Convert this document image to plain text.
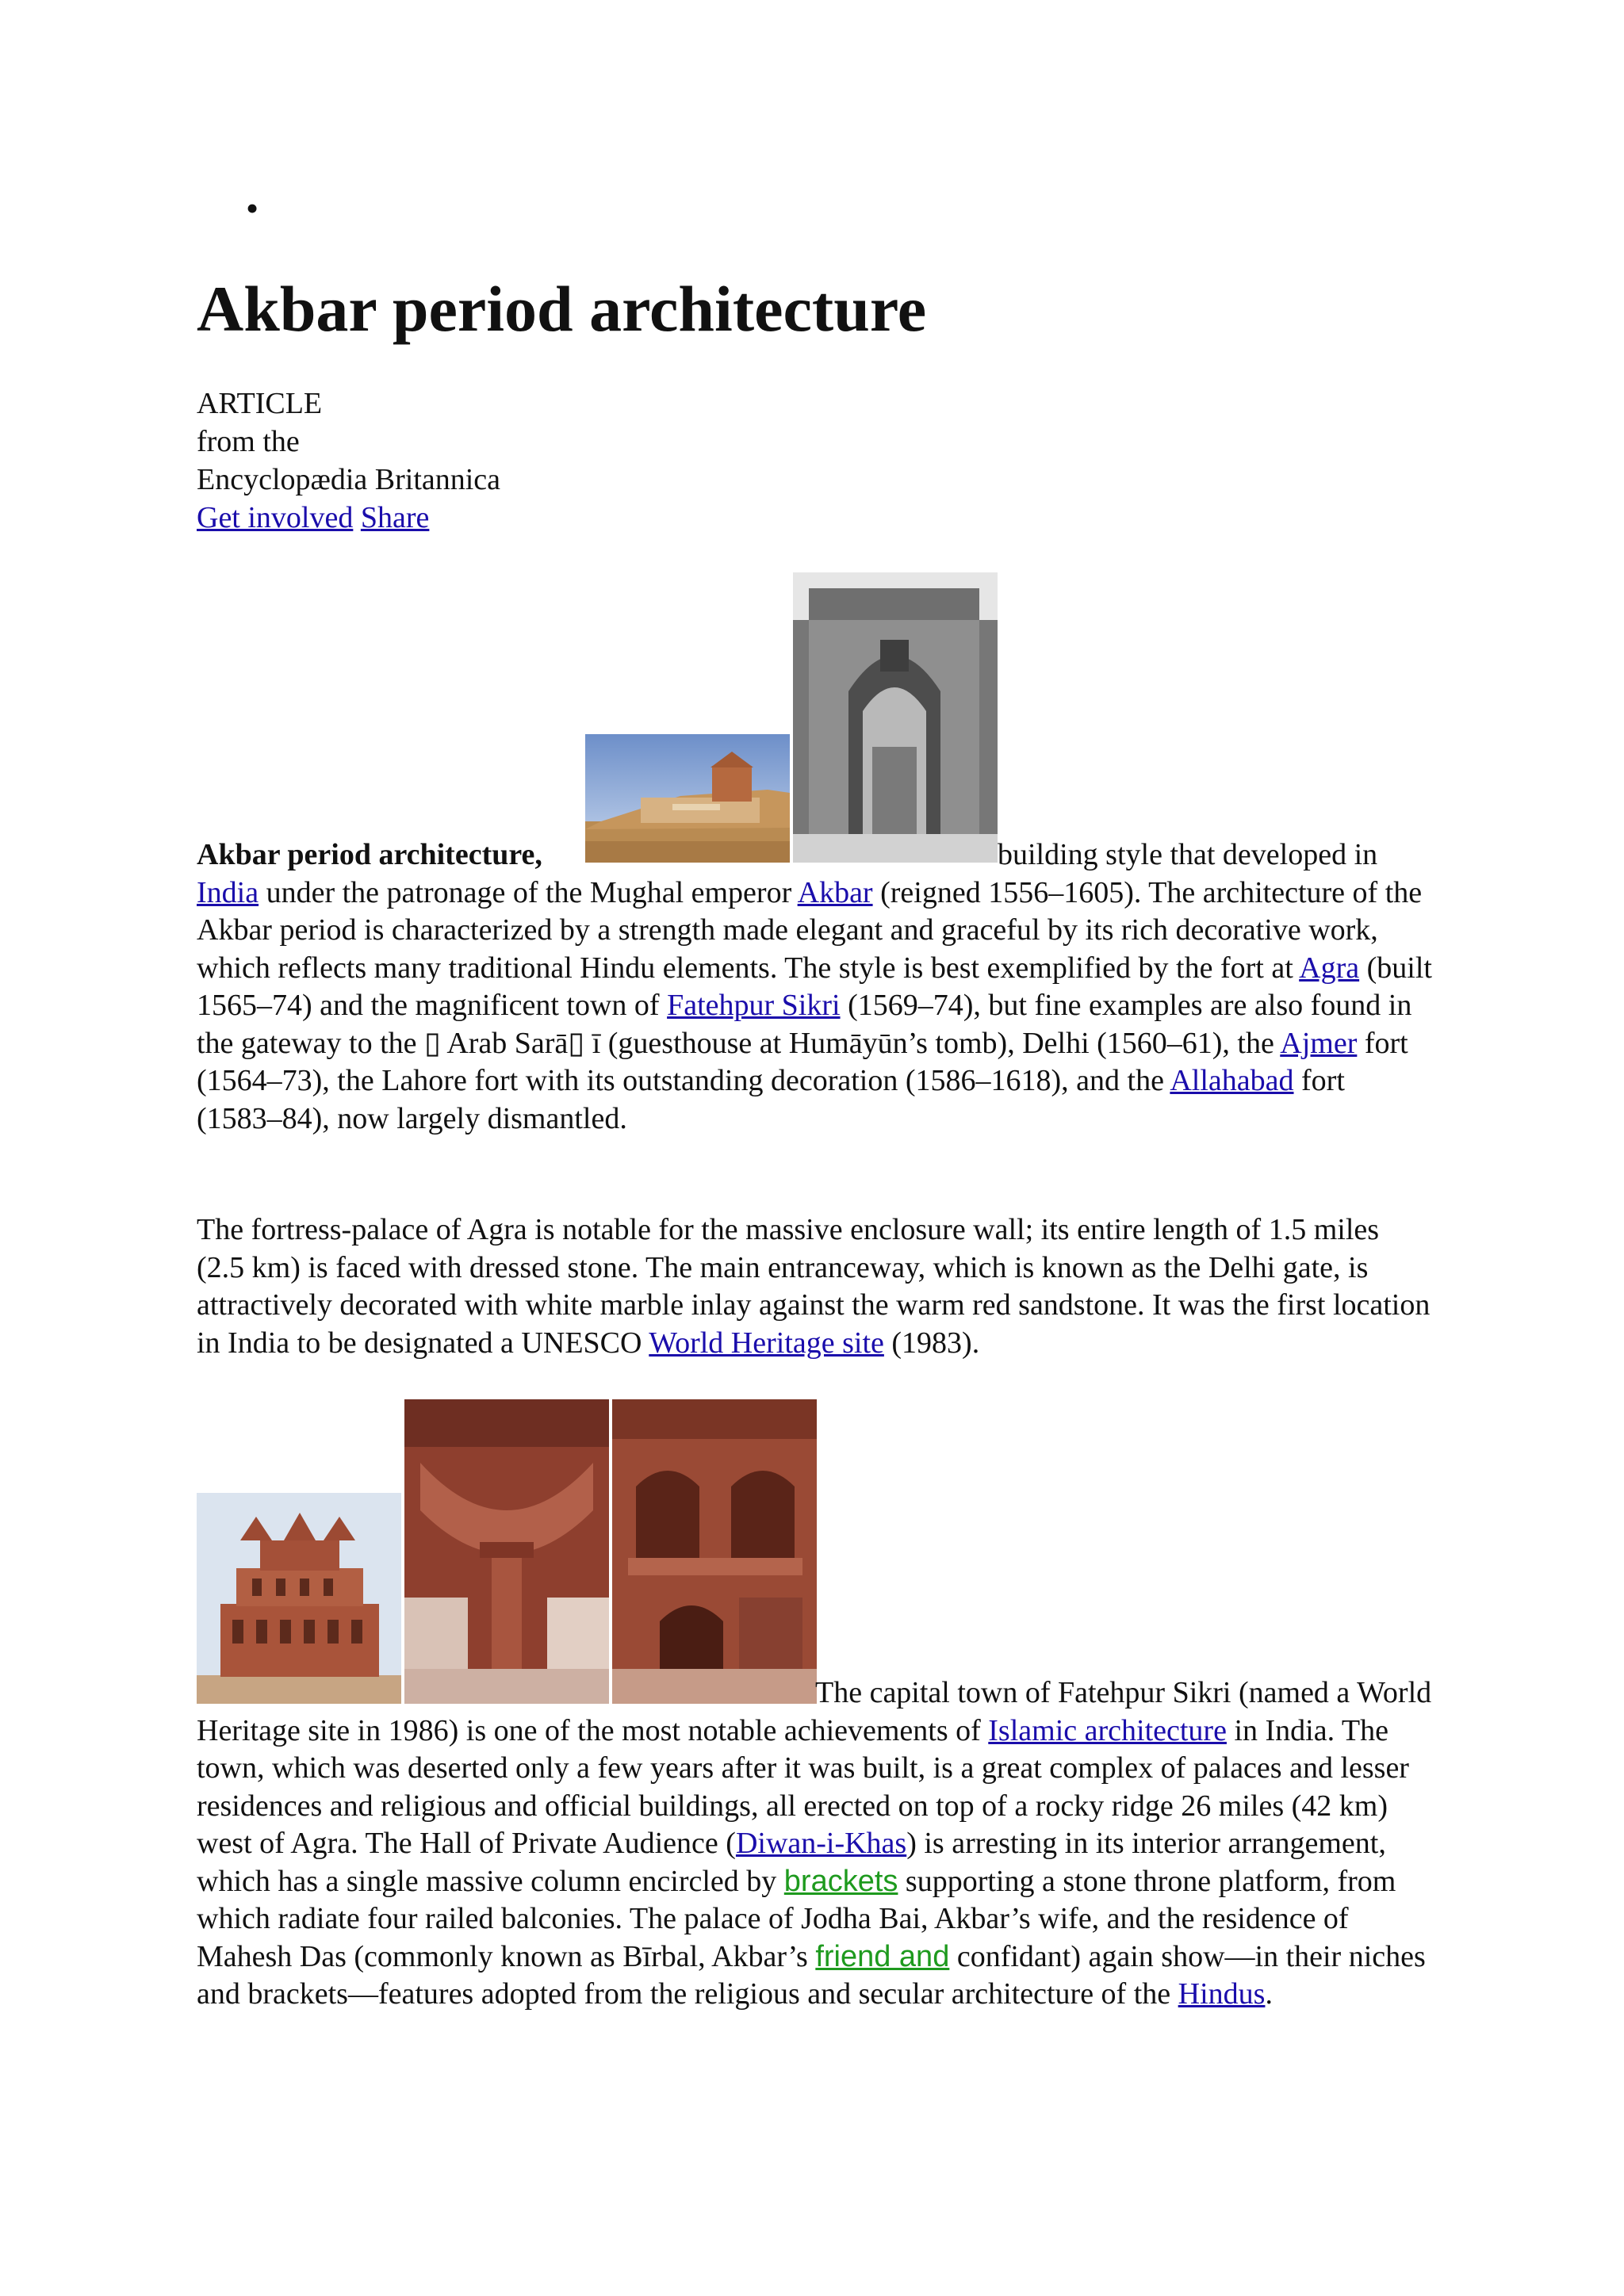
•
Akbar period architecture
ARTICLE
from the
Encyclopædia Britannica
Get involved Share
Akbar period architecture,	building style that developed in India under the patronage of the Mughal emperor Akbar (reigned 1556–1605). The architecture of the Akbar period is characterized by a strength made elegant and graceful by its rich decorative work, which reflects many traditional Hindu elements. The style is best exemplified by the fort at Agra (built 1565–74) and the magnificent town of Fatehpur Sikri (1569–74), but fine examples are also found in the gateway to the ▯ Arab Sarā▯ ī (guesthouse at Humāyūn’s tomb), Delhi (1560–61), the Ajmer fort (1564–73), the Lahore fort with its outstanding decoration (1586–1618), and the Allahabad fort (1583–84), now largely dismantled.
The fortress-palace of Agra is notable for the massive enclosure wall; its entire length of 1.5 miles (2.5 km) is faced with dressed stone. The main entranceway, which is known as the Delhi gate, is attractively decorated with white marble inlay against the warm red sandstone. It was the first location in India to be designated a UNESCO World Heritage site (1983).
The capital town of Fatehpur Sikri (named a World Heritage site in 1986) is one of the most notable achievements of Islamic architecture in India. The town, which was deserted only a few years after it was built, is a great complex of palaces and lesser residences and religious and official buildings, all erected on top of a rocky ridge 26 miles (42 km) west of Agra. The Hall of Private Audience (Diwan-i-Khas) is arresting in its interior arrangement, which has a single massive column encircled by brackets supporting a stone throne platform, from which radiate four railed balconies. The palace of Jodha Bai, Akbar’s wife, and the residence of Mahesh Das (commonly known as Bīrbal, Akbar’s friend and confidant) again show—in their niches and brackets—features adopted from the religious and secular architecture of the Hindus.
